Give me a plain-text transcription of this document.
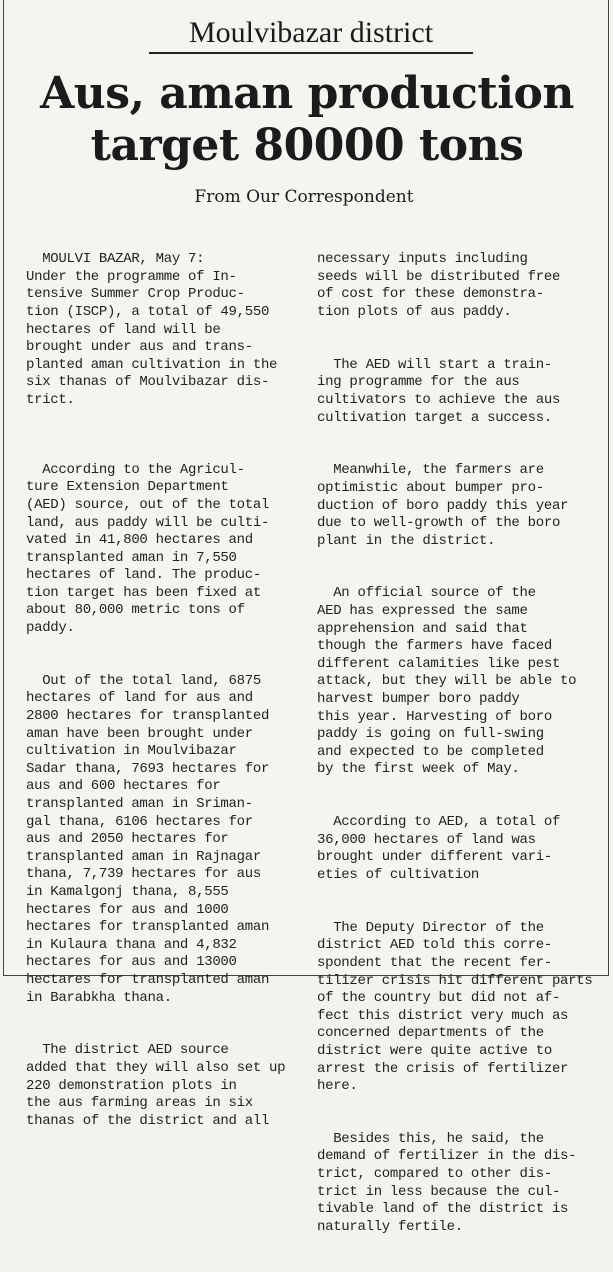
Moulvibazar district
Aus, aman production
target 80000 tons
From Our Correspondent

MOULVI BAZAR, May 7:
Under the programme of In-
tensive Summer Crop Produc-
tion (ISCP), a total of 49,550
hectares of land will be
brought under aus and trans-
planted aman cultivation in the
six thanas of Moulvibazar dis-
trict.

According to the Agricul-
ture Extension Department
(AED) source, out of the total
land, aus paddy will be culti-
vated in 41,800 hectares and
transplanted aman in 7,550
hectares of land. The produc-
tion target has been fixed at
about 80,000 metric tons of
paddy.

Out of the total land, 6875
hectares of land for aus and
2800 hectares for transplanted
aman have been brought under
cultivation in Moulvibazar
Sadar thana, 7693 hectares for
aus and 600 hectares for
transplanted aman in Sriman-
gal thana, 6106 hectares for
aus and 2050 hectares for
transplanted aman in Rajnagar
thana, 7,739 hectares for aus
in Kamalgonj thana, 8,555
hectares for aus and 1000
hectares for transplanted aman
in Kulaura thana and 4,832
hectares for aus and 13000
hectares for transplanted aman
in Barabkha thana.

The district AED source
added that they will also set up
220 demonstration plots in
the aus farming areas in six
thanas of the district and all

necessary inputs including
seeds will be distributed free
of cost for these demonstra-
tion plots of aus paddy.

The AED will start a train-
ing programme for the aus
cultivators to achieve the aus
cultivation target a success.

Meanwhile, the farmers are
optimistic about bumper pro-
duction of boro paddy this year
due to well-growth of the boro
plant in the district.

An official source of the
AED has expressed the same
apprehension and said that
though the farmers have faced
different calamities like pest
attack, but they will be able to
harvest bumper boro paddy
this year. Harvesting of boro
paddy is going on full-swing
and expected to be completed
by the first week of May.

According to AED, a total of
36,000 hectares of land was
brought under different vari-
eties of cultivation

The Deputy Director of the
district AED told this corre-
spondent that the recent fer-
tilizer crisis hit different parts
of the country but did not af-
fect this district very much as
concerned departments of the
district were quite active to
arrest the crisis of fertilizer
here.

Besides this, he said, the
demand of fertilizer in the dis-
trict, compared to other dis-
trict in less because the cul-
tivable land of the district is
naturally fertile.
